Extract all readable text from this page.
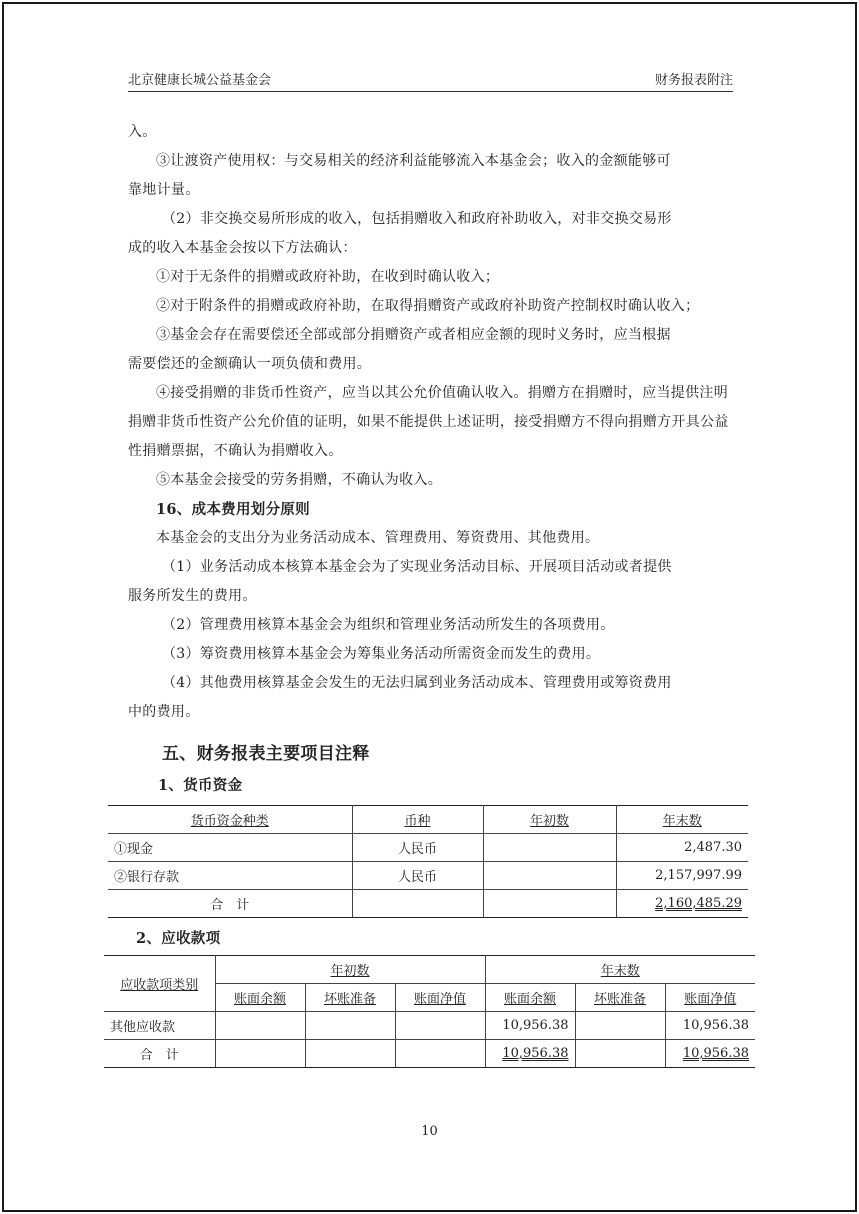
北京健康长城公益基金会	财务报表附注
入。
③让渡资产使用权：与交易相关的经济利益能够流入本基金会；收入的金额能够可
靠地计量。
（2）非交换交易所形成的收入，包括捐赠收入和政府补助收入，对非交换交易形
成的收入本基金会按以下方法确认：
①对于无条件的捐赠或政府补助，在收到时确认收入；
②对于附条件的捐赠或政府补助，在取得捐赠资产或政府补助资产控制权时确认收入；
③基金会存在需要偿还全部或部分捐赠资产或者相应金额的现时义务时，应当根据
需要偿还的金额确认一项负债和费用。
④接受捐赠的非货币性资产，应当以其公允价值确认收入。捐赠方在捐赠时，应当提供注明
捐赠非货币性资产公允价值的证明，如果不能提供上述证明，接受捐赠方不得向捐赠方开具公益
性捐赠票据，不确认为捐赠收入。
⑤本基金会接受的劳务捐赠，不确认为收入。
16、成本费用划分原则
本基金会的支出分为业务活动成本、管理费用、筹资费用、其他费用。
（1）业务活动成本核算本基金会为了实现业务活动目标、开展项目活动或者提供
服务所发生的费用。
（2）管理费用核算本基金会为组织和管理业务活动所发生的各项费用。
（3）筹资费用核算本基金会为筹集业务活动所需资金而发生的费用。
（4）其他费用核算基金会发生的无法归属到业务活动成本、管理费用或筹资费用
中的费用。
五、财务报表主要项目注释
1、货币资金
货币资金种类	币种	年初数	年末数
①现金	人民币		2,487.30
②银行存款	人民币		2,157,997.99
合　计			2,160,485.29
2、应收款项
应收款项类别	年初数			年末数		
	账面余额	坏账准备	账面净值	账面余额	坏账准备	账面净值
其他应收款				10,956.38		10,956.38
合　计				10,956.38		10,956.38
10
